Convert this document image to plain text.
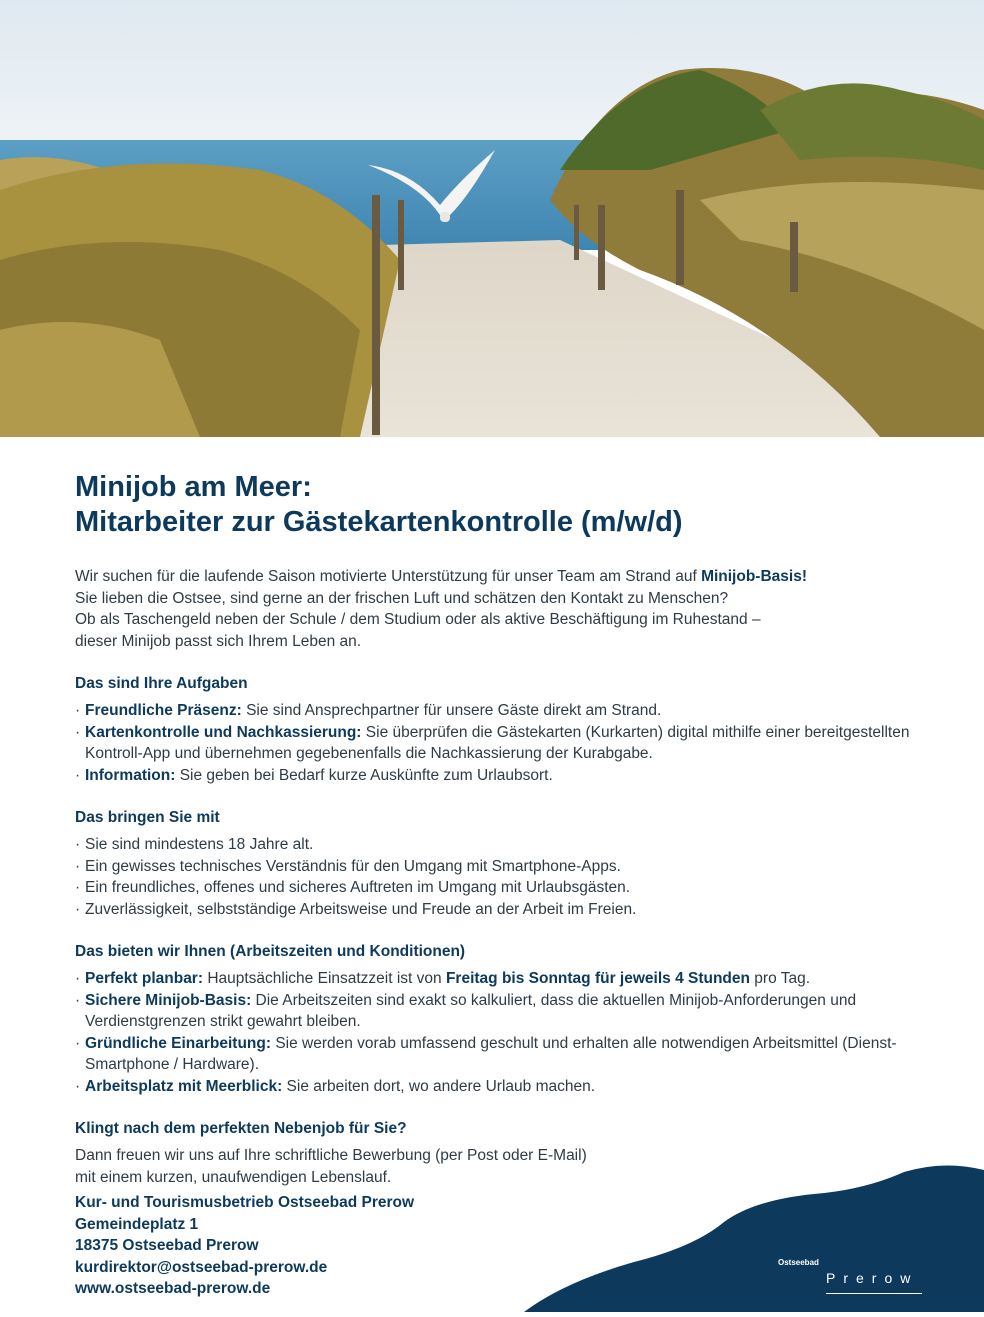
Minijob am Meer:
Mitarbeiter zur Gästekartenkontrolle (m/w/d)

Wir suchen für die laufende Saison motivierte Unterstützung für unser Team am Strand auf Minijob-Basis!

Sie lieben die Ostsee, sind gerne an der frischen Luft und schätzen den Kontakt zu Menschen?

Ob als Taschengeld neben der Schule / dem Studium oder als aktive Beschäftigung im Ruhestand –

dieser Minijob passt sich Ihrem Leben an.

Das sind Ihre Aufgaben
· Freundliche Präsenz: Sie sind Ansprechpartner für unsere Gäste direkt am Strand.
· Kartenkontrolle und Nachkassierung: Sie überprüfen die Gästekarten (Kurkarten) digital mithilfe einer bereitgestellten Kontroll-App und übernehmen gegebenenfalls die Nachkassierung der Kurabgabe.
· Information: Sie geben bei Bedarf kurze Auskünfte zum Urlaubsort.
Das bringen Sie mit
· Sie sind mindestens 18 Jahre alt.
· Ein gewisses technisches Verständnis für den Umgang mit Smartphone-Apps.
· Ein freundliches, offenes und sicheres Auftreten im Umgang mit Urlaubsgästen.
· Zuverlässigkeit, selbstständige Arbeitsweise und Freude an der Arbeit im Freien.
Das bieten wir Ihnen (Arbeitszeiten und Konditionen)
· Perfekt planbar: Hauptsächliche Einsatzzeit ist von Freitag bis Sonntag für jeweils 4 Stunden pro Tag.
· Sichere Minijob-Basis: Die Arbeitszeiten sind exakt so kalkuliert, dass die aktuellen Minijob-Anforderungen und Verdienstgrenzen strikt gewahrt bleiben.
· Gründliche Einarbeitung: Sie werden vorab umfassend geschult und erhalten alle notwendigen Arbeitsmittel (Dienst-Smartphone / Hardware).
· Arbeitsplatz mit Meerblick: Sie arbeiten dort, wo andere Urlaub machen.
Klingt nach dem perfekten Nebenjob für Sie?
Dann freuen wir uns auf Ihre schriftliche Bewerbung (per Post oder E-Mail)
mit einem kurzen, unaufwendigen Lebenslauf.
Kur- und Tourismusbetrieb Ostseebad Prerow
Gemeindeplatz 1
18375 Ostseebad Prerow
kurdirektor@ostseebad-prerow.de
www.ostseebad-prerow.de
Ostseebad
Prerow
